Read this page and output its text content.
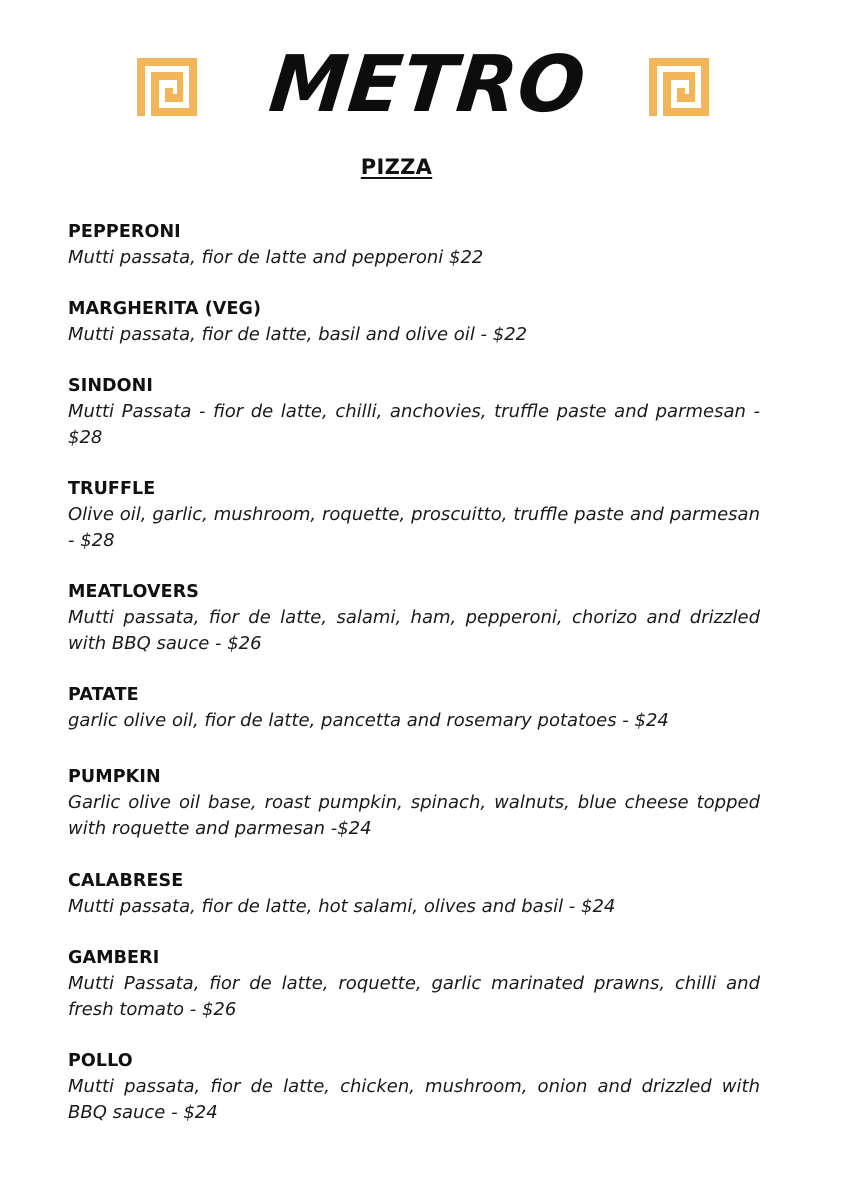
METRO
PIZZA
PEPPERONI
Mutti passata, fior de latte and pepperoni $22
MARGHERITA (VEG)
Mutti passata, fior de latte, basil and olive oil - $22
SINDONI
Mutti Passata - fior de latte, chilli, anchovies, truffle paste and parmesan - $28
TRUFFLE
Olive oil, garlic, mushroom, roquette, proscuitto, truffle paste and parmesan - $28
MEATLOVERS
Mutti passata, fior de latte, salami, ham, pepperoni, chorizo and drizzled with BBQ sauce - $26
PATATE
garlic olive oil, fior de latte, pancetta and rosemary potatoes - $24
PUMPKIN
Garlic olive oil base, roast pumpkin, spinach, walnuts, blue cheese topped with roquette and parmesan -$24
CALABRESE
Mutti passata, fior de latte, hot salami, olives and basil - $24
GAMBERI
Mutti Passata, fior de latte, roquette, garlic marinated prawns, chilli and fresh tomato - $26
POLLO
Mutti passata, fior de latte, chicken, mushroom, onion and drizzled with BBQ sauce - $24
